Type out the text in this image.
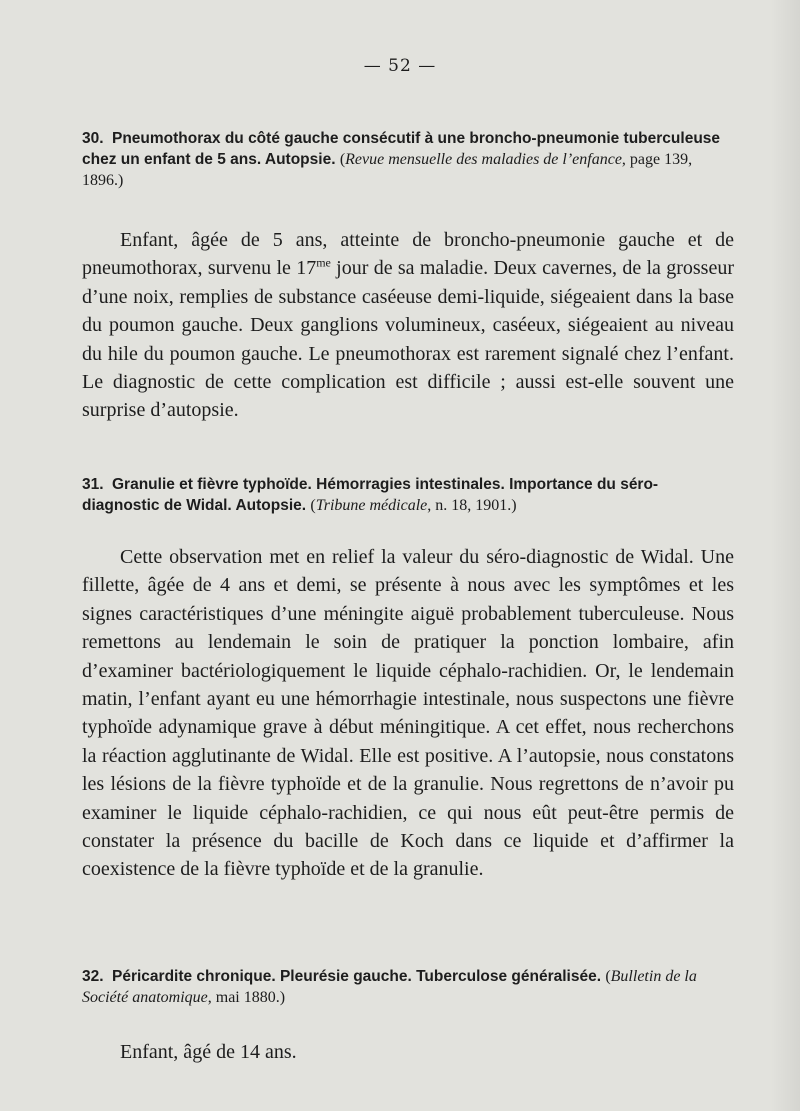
— 52 —
30. Pneumothorax du côté gauche consécutif à une broncho-pneumonie tuberculeuse chez un enfant de 5 ans. Autopsie. (Revue mensuelle des maladies de l’enfance, page 139, 1896.)
Enfant, âgée de 5 ans, atteinte de broncho-pneumonie gauche et de pneumothorax, survenu le $17^{me}$ jour de sa maladie. Deux cavernes, de la grosseur d’une noix, remplies de substance caséeuse demi-liquide, siégeaient dans la base du poumon gauche. Deux ganglions volumineux, caséeux, siégeaient au niveau du hile du poumon gauche. Le pneumothorax est rarement signalé chez l’enfant. Le diagnostic de cette complication est difficile ; aussi est-elle souvent une surprise d’autopsie.
31. Granulie et fièvre typhoïde. Hémorragies intestinales. Importance du séro-diagnostic de Widal. Autopsie. (Tribune médicale, n. 18, 1901.)
Cette observation met en relief la valeur du séro-diagnostic de Widal. Une fillette, âgée de 4 ans et demi, se présente à nous avec les symptômes et les signes caractéristiques d’une méningite aiguë probablement tuberculeuse. Nous remettons au lendemain le soin de pratiquer la ponction lombaire, afin d’examiner bactériologiquement le liquide céphalo-rachidien. Or, le lendemain matin, l’enfant ayant eu une hémorrhagie intestinale, nous suspectons une fièvre typhoïde adynamique grave à début méningitique. A cet effet, nous recherchons la réaction agglutinante de Widal. Elle est positive. A l’autopsie, nous constatons les lésions de la fièvre typhoïde et de la granulie. Nous regrettons de n’avoir pu examiner le liquide céphalo-rachidien, ce qui nous eût peut-être permis de constater la présence du bacille de Koch dans ce liquide et d’affirmer la coexistence de la fièvre typhoïde et de la granulie.
32. Péricardite chronique. Pleurésie gauche. Tuberculose généralisée. (Bulletin de la Société anatomique, mai 1880.)
Enfant, âgé de 14 ans.
